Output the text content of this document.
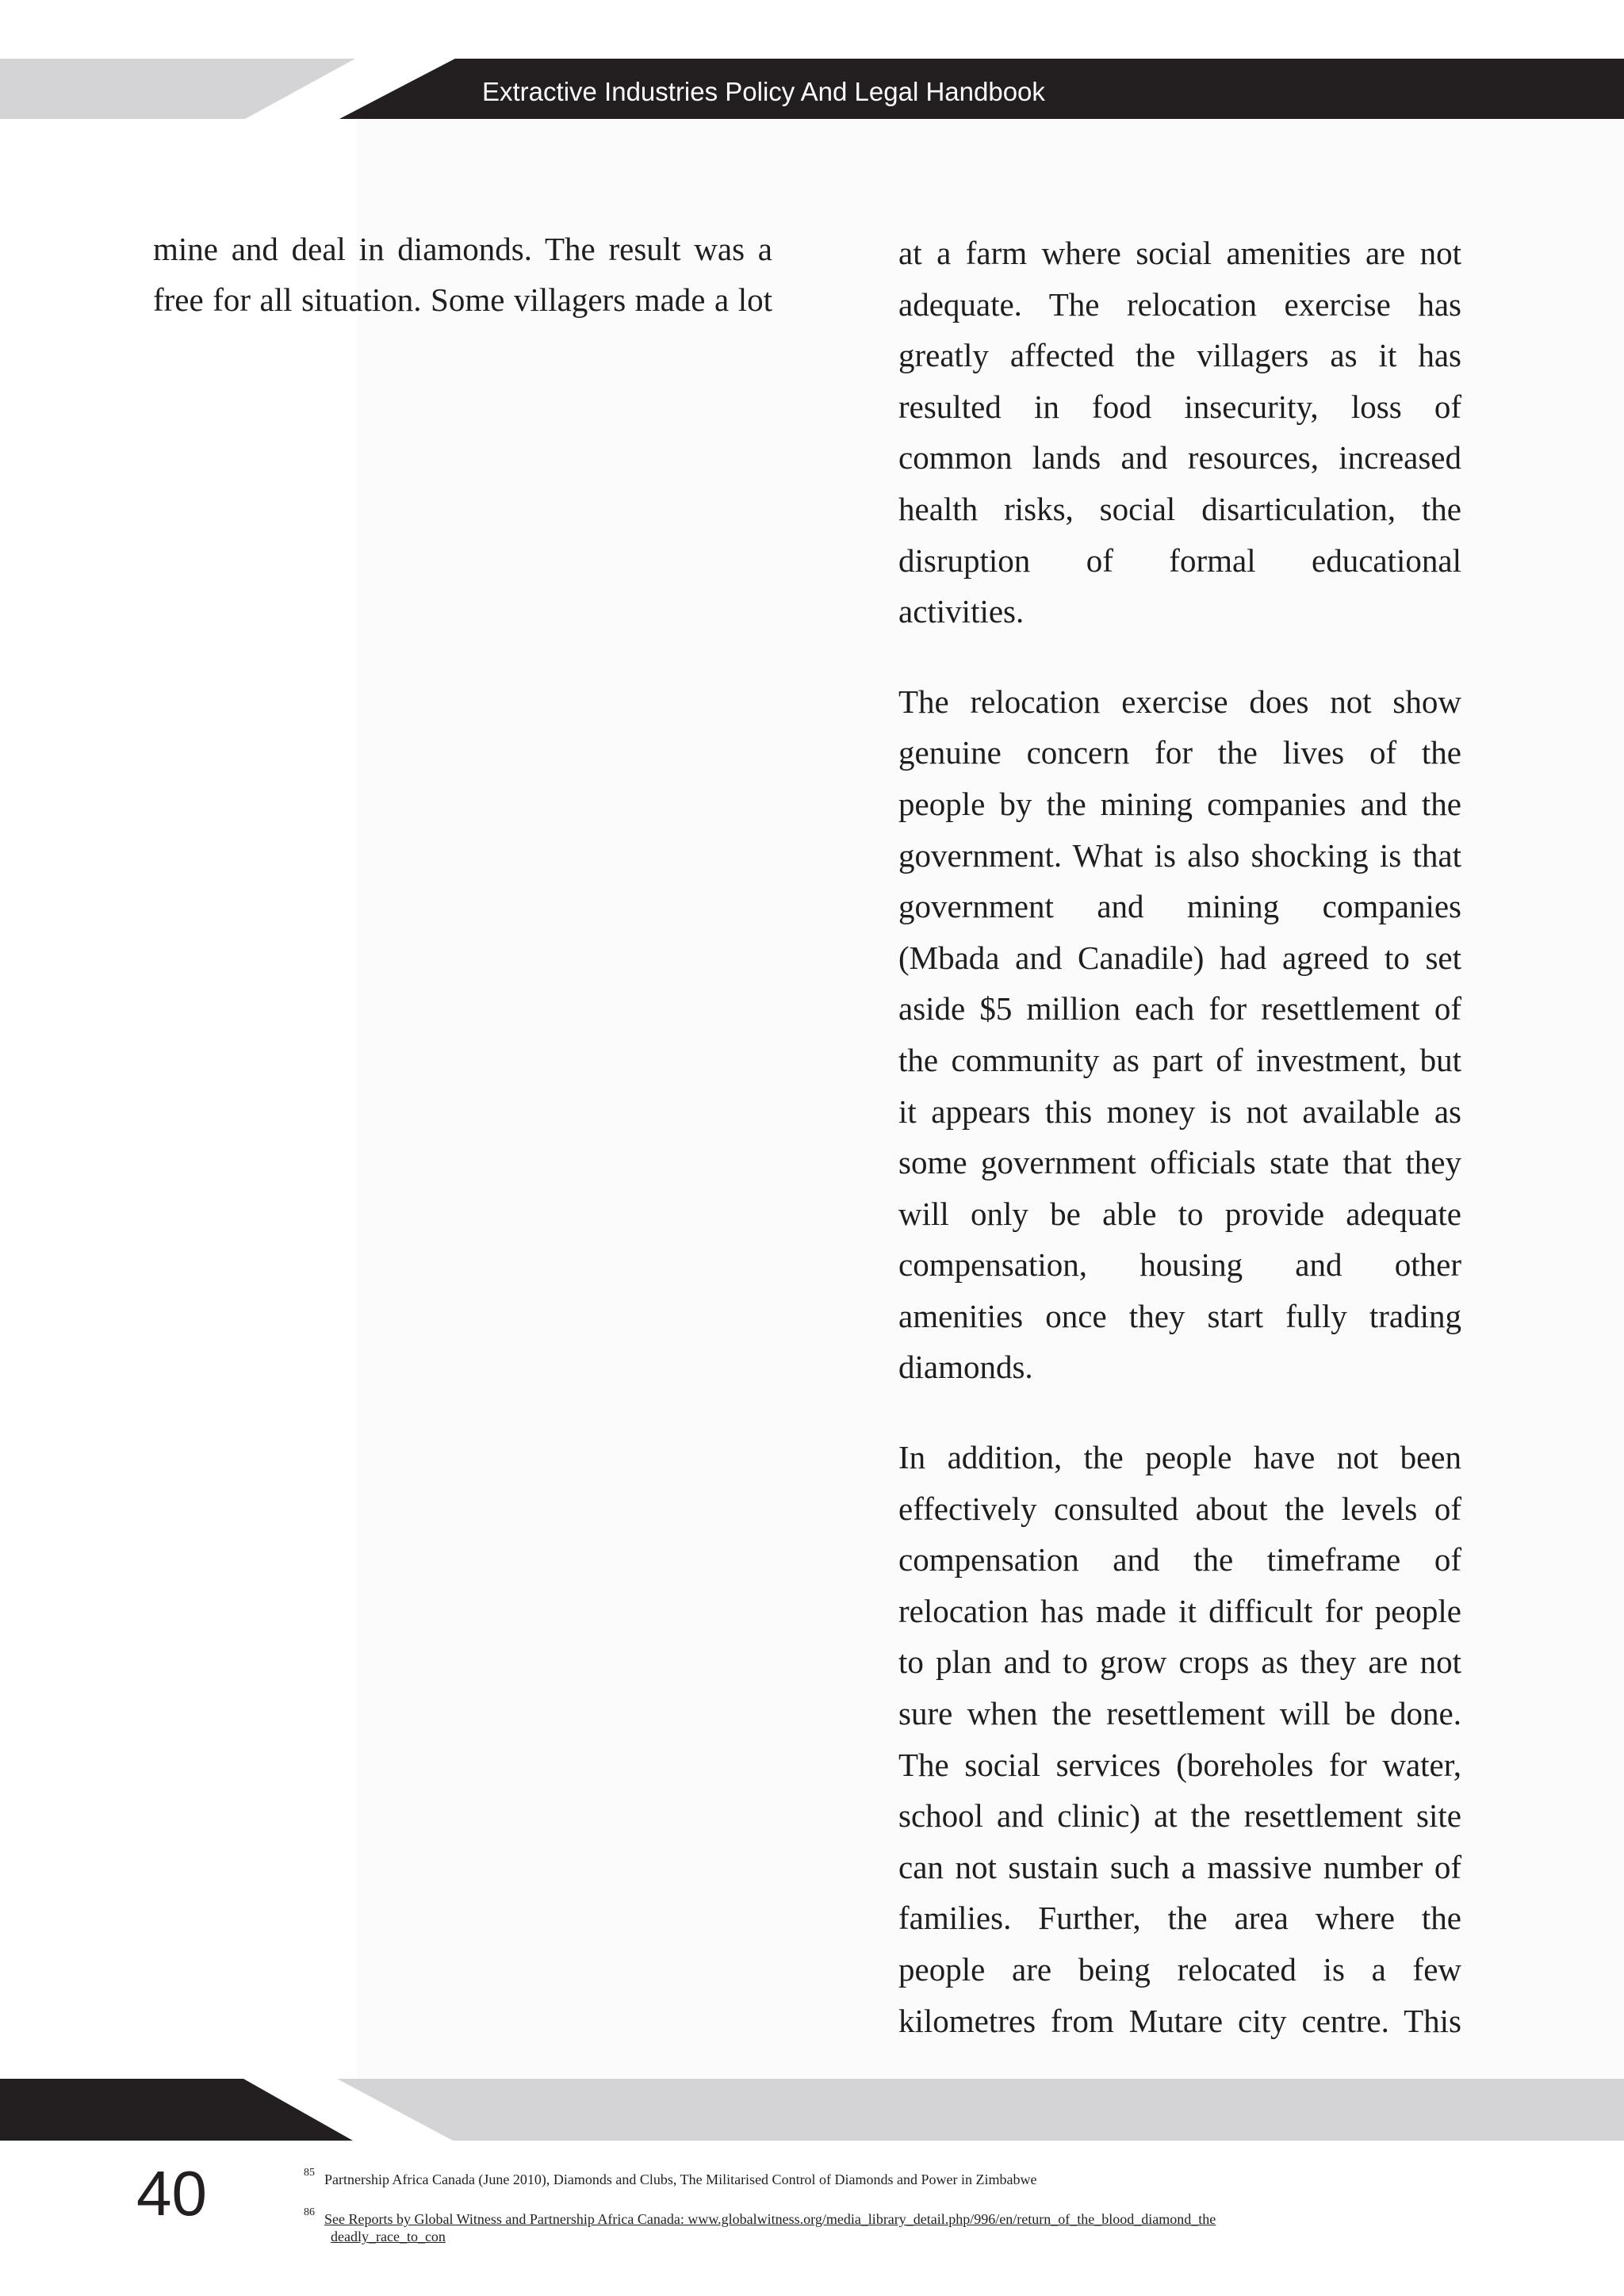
Extractive Industries Policy And Legal Handbook

mine and deal in diamonds. The result was a
free for all situation. Some villagers made a lot

at a farm where social amenities are not
adequate. The relocation exercise has
greatly affected the villagers as it has
resulted in food insecurity, loss of
common lands and resources, increased
health risks, social disarticulation, the
disruption of formal educational
activities.

The relocation exercise does not show
genuine concern for the lives of the
people by the mining companies and the
government. What is also shocking is that
government and mining companies
(Mbada and Canadile) had agreed to set
aside $5 million each for resettlement of
the community as part of investment, but
it appears this money is not available as
some government officials state that they
will only be able to provide adequate
compensation, housing and other
amenities once they start fully trading
diamonds.

In addition, the people have not been
effectively consulted about the levels of
compensation and the timeframe of
relocation has made it difficult for people
to plan and to grow crops as they are not
sure when the resettlement will be done.
The social services (boreholes for water,
school and clinic) at the resettlement site
can not sustain such a massive number of
families. Further, the area where the
people are being relocated is a few
kilometres from Mutare city centre. This

40	$^{85}$ Partnership Africa Canada (June 2010), Diamonds and Clubs, The Militarised Control of Diamonds and Power in Zimbabwe
$^{86}$ See Reports by Global Witness and Partnership Africa Canada: www.globalwitness.org/media_library_detail.php/996/en/return_of_the_blood_diamond_the
deadly_race_to_con
